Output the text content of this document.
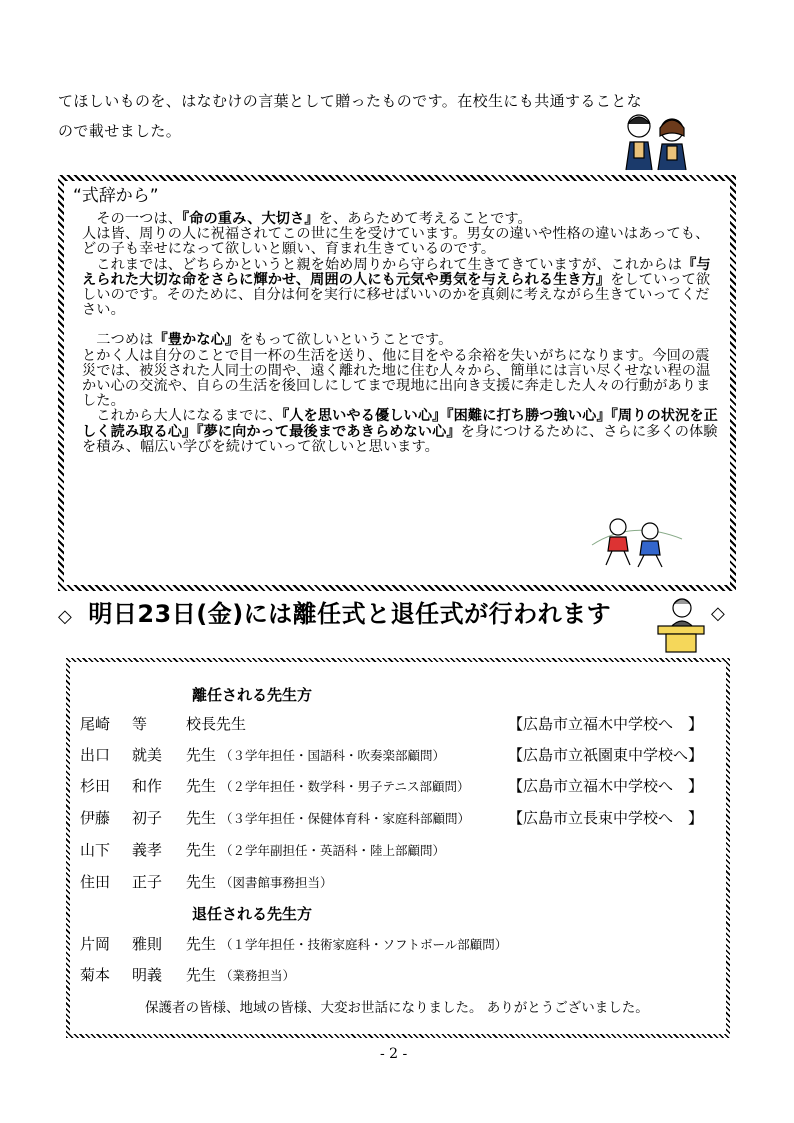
てほしいものを、はなむけの言葉として贈ったものです。在校生にも共通することな
ので載せました。
“式辞から”

　その一つは、『命の重み、大切さ』を、あらためて考えることです。

人は皆、周りの人に祝福されてこの世に生を受けています。男女の違いや性格の違いはあっても、どの子も幸せになって欲しいと願い、育まれ生きているのです。

　これまでは、どちらかというと親を始め周りから守られて生きてきていますが、これからは『与えられた大切な命をさらに輝かせ、周囲の人にも元気や勇気を与えられる生き方』をしていって欲しいのです。そのために、自分は何を実行に移せばいいのかを真剣に考えながら生きていってください。

　二つめは『豊かな心』をもって欲しいということです。

とかく人は自分のことで目一杯の生活を送り、他に目をやる余裕を失いがちになります。今回の震災では、被災された人同士の間や、遠く離れた地に住む人々から、簡単には言い尽くせない程の温かい心の交流や、自らの生活を後回しにしてまで現地に出向き支援に奔走した人々の行動がありました。

　これから大人になるまでに、『人を思いやる優しい心』『困難に打ち勝つ強い心』『周りの状況を正しく読み取る心』『夢に向かって最後まであきらめない心』を身につけるために、さらに多くの体験を積み、幅広い学びを続けていって欲しいと思います。

◇ 明日23日(金)には離任式と退任式が行われます	◇
離任される先生方
尾崎 等	校長先生	【広島市立福木中学校へ　】
出口 就美 先生 （３学年担任・国語科・吹奏楽部顧問）	【広島市立祇園東中学校へ】
杉田 和作 先生 （２学年担任・数学科・男子テニス部顧問）	【広島市立福木中学校へ　】
伊藤 初子 先生 （３学年担任・保健体育科・家庭科部顧問）	【広島市立長束中学校へ　】
山下 義孝 先生 （２学年副担任・英語科・陸上部顧問）
住田 正子 先生 （図書館事務担当）
退任される先生方
片岡 雅則 先生 （１学年担任・技術家庭科・ソフトボール部顧問）
菊本 明義 先生 （業務担当）
保護者の皆様、地域の皆様、大変お世話になりました。 ありがとうございました。
- 2 -
